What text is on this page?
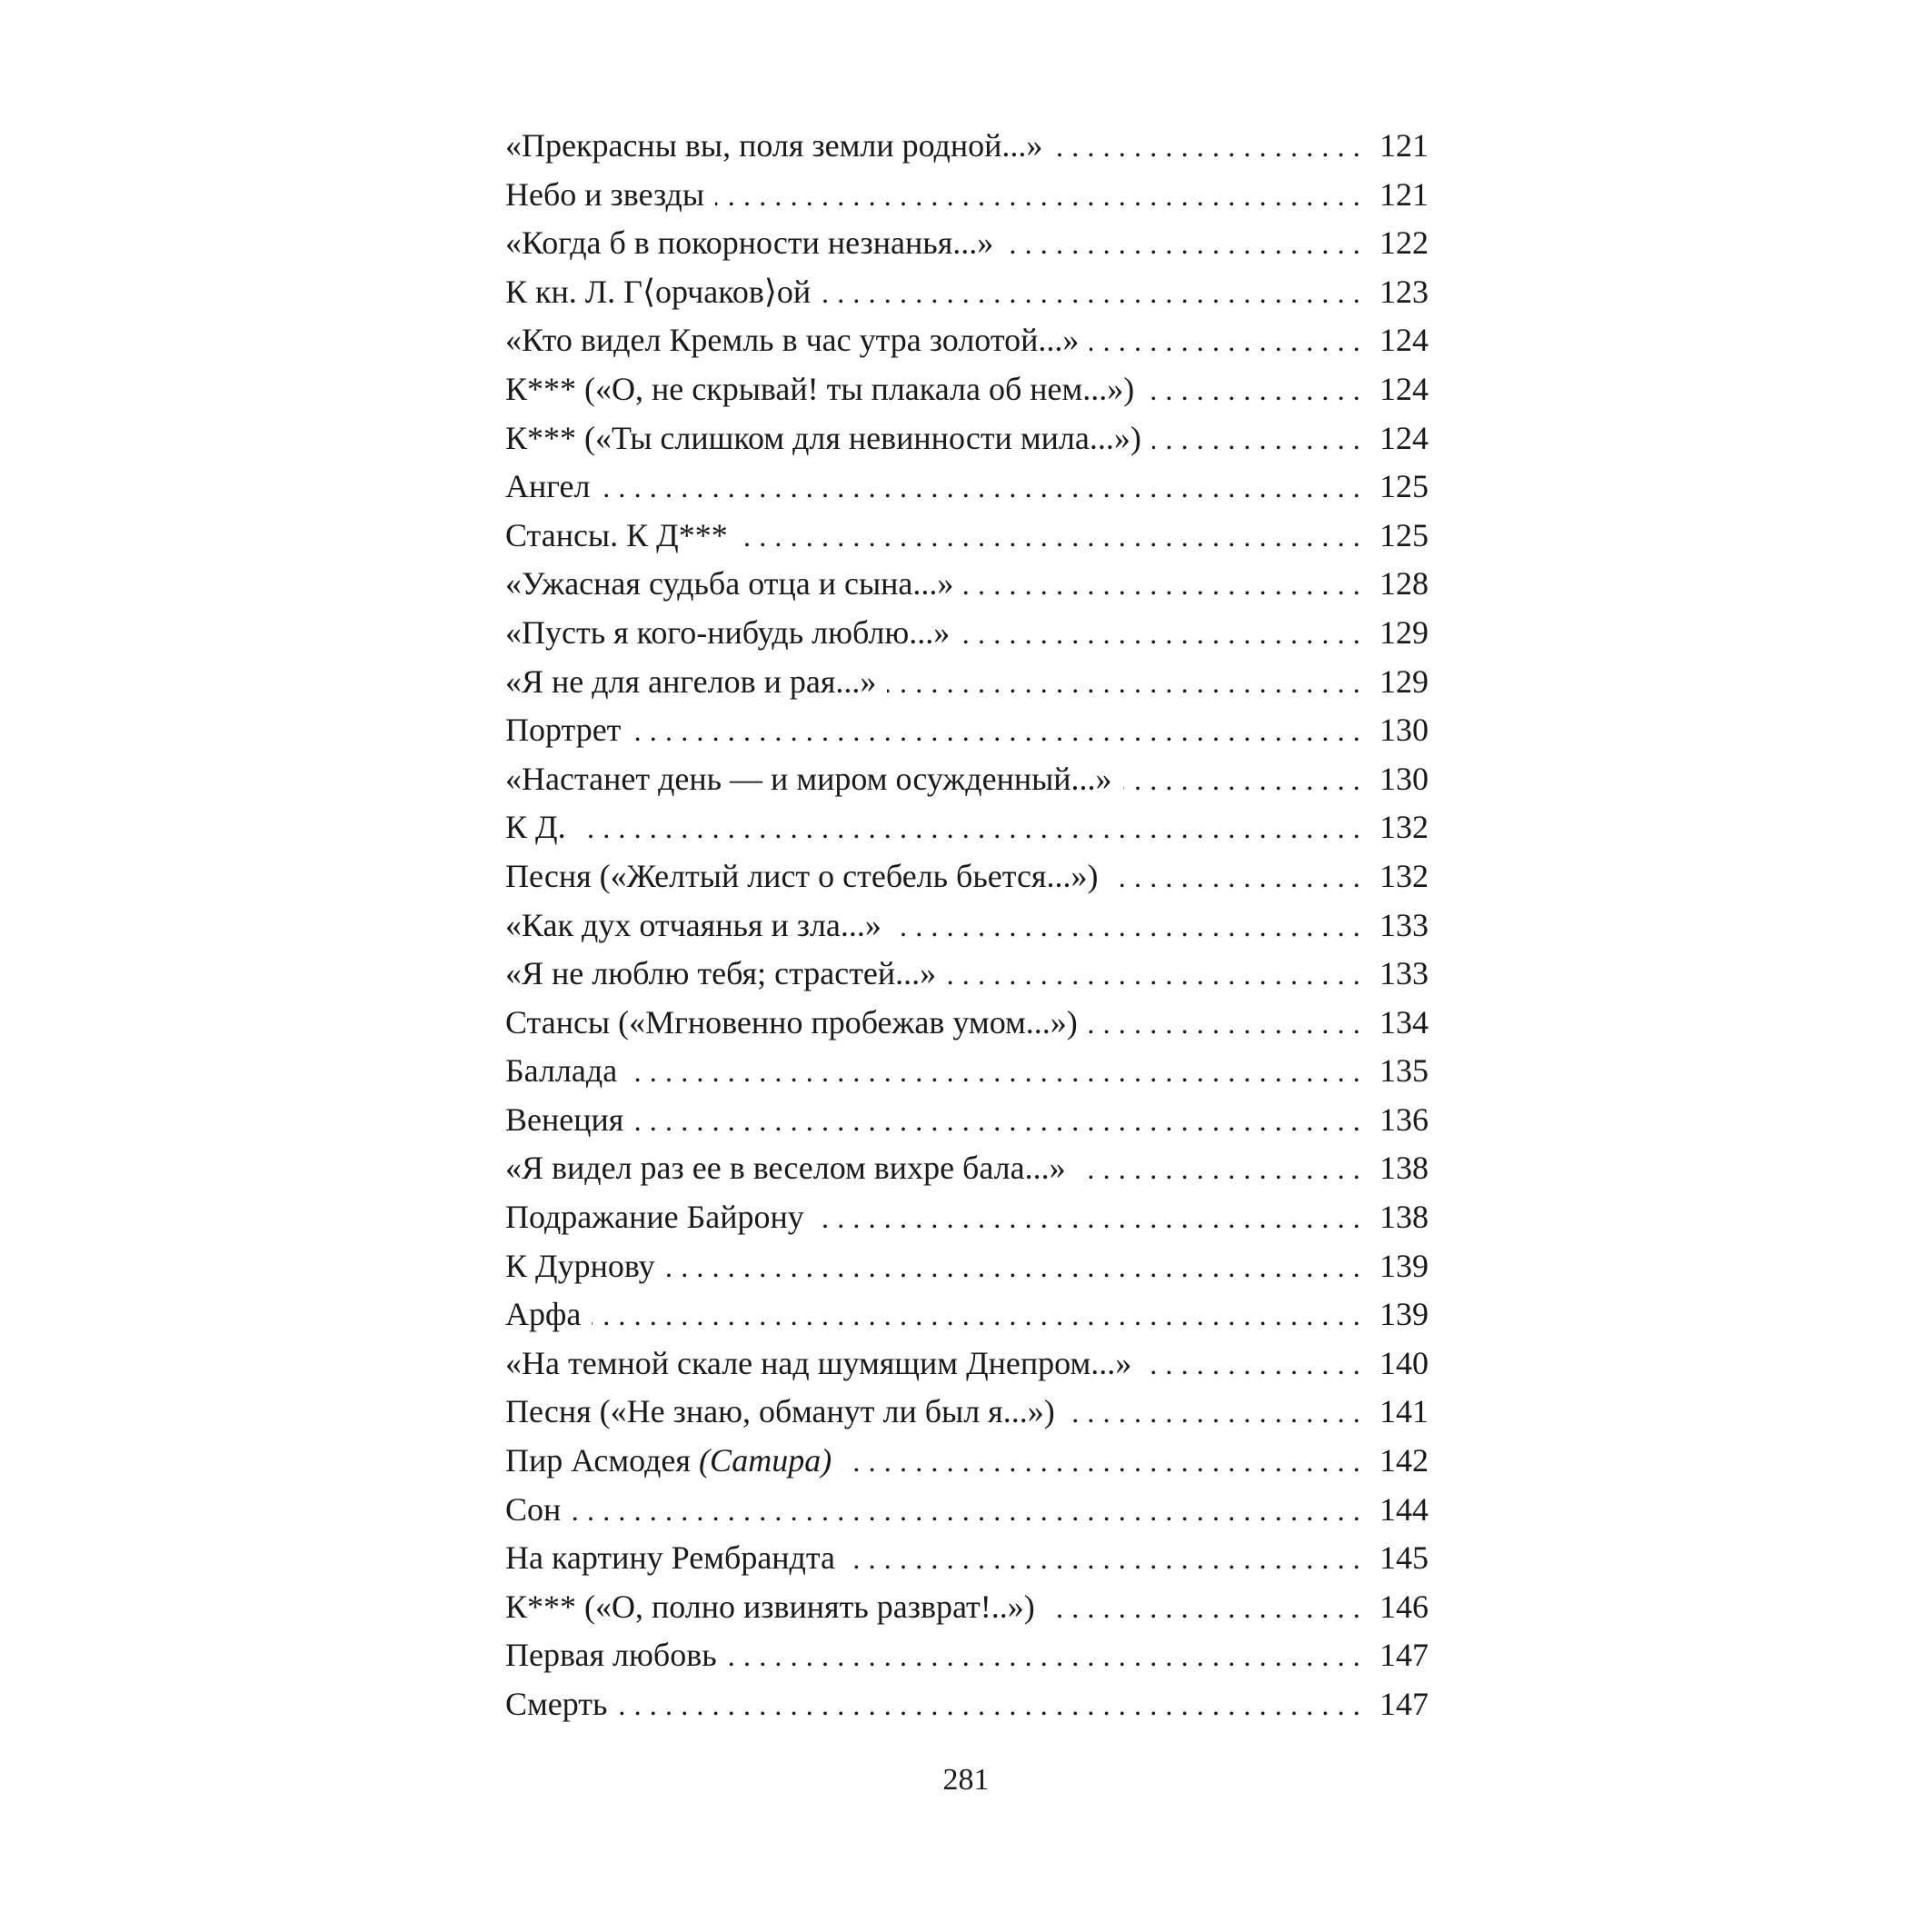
«Прекрасны вы, поля земли родной...» .....	121
Небо и звезды .....	121
«Когда б в покорности незнанья...» .....	122
К кн. Л. Г⟨орчаков⟩ой .....	123
«Кто видел Кремль в час утра золотой...» .....	124
К*** («О, не скрывай! ты плакала об нем...») .....	124
К*** («Ты слишком для невинности мила...») .....	124
Ангел .....	125
Стансы. К Д*** .....	125
«Ужасная судьба отца и сына...» .....	128
«Пусть я кого-нибудь люблю...» .....	129
«Я не для ангелов и рая...» .....	129
Портрет .....	130
«Настанет день — и миром осужденный...» .....	130
К Д. .....	132
Песня («Желтый лист о стебель бьется...») .....	132
«Как дух отчаянья и зла...» .....	133
«Я не люблю тебя; страстей...» .....	133
Стансы («Мгновенно пробежав умом...») .....	134
Баллада .....	135
Венеция .....	136
«Я видел раз ее в веселом вихре бала...» .....	138
Подражание Байрону .....	138
К Дурнову .....	139
Арфа .....	139
«На темной скале над шумящим Днепром...» .....	140
Песня («Не знаю, обманут ли был я...») .....	141
Пир Асмодея (Сатира) .....	142
Сон .....	144
На картину Рембрандта .....	145
К*** («О, полно извинять разврат!..») .....	146
Первая любовь .....	147
Смерть .....	147
281
